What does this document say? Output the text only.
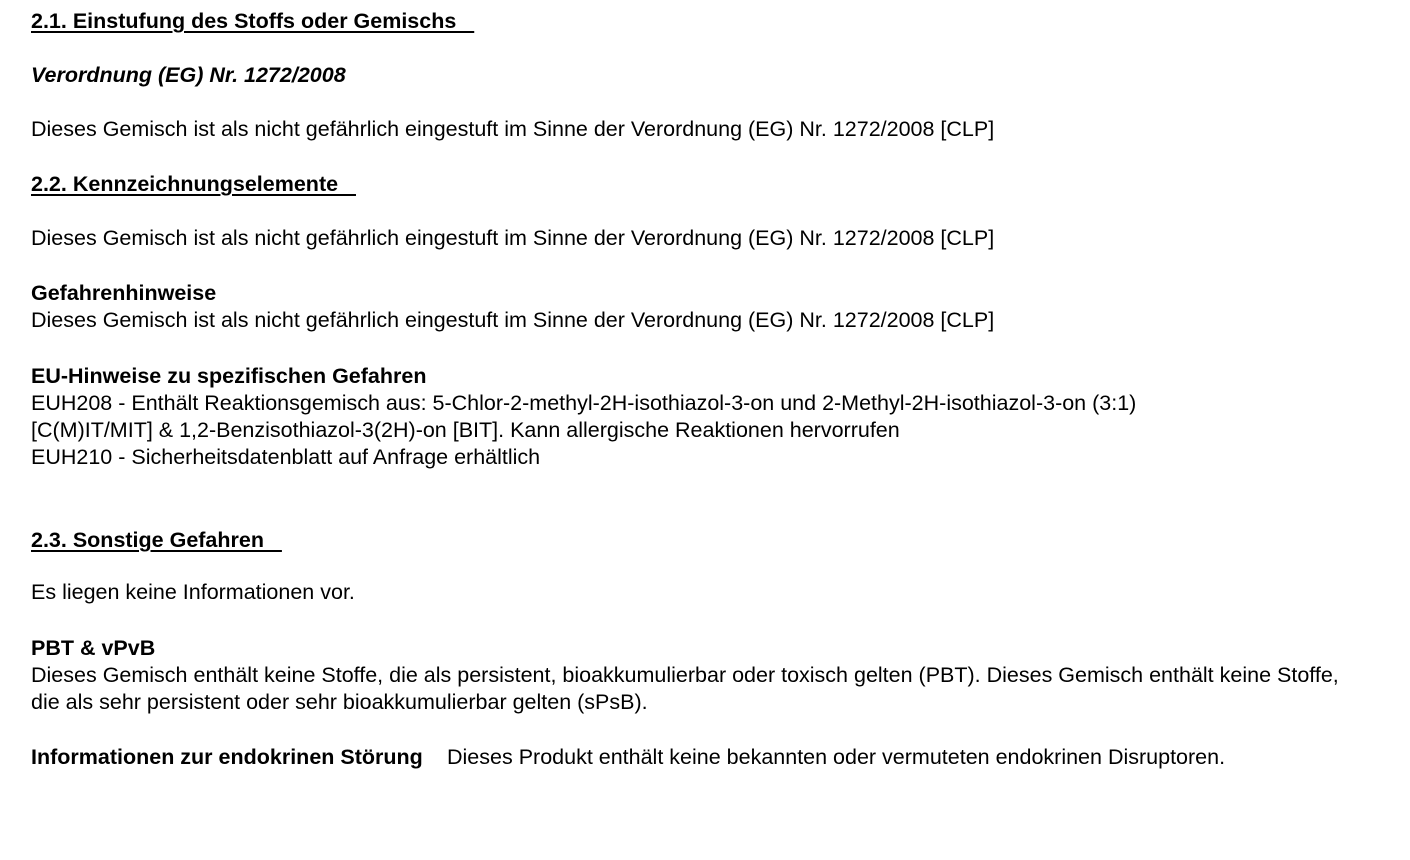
2.1. Einstufung des Stoffs oder Gemischs

Verordnung (EG) Nr. 1272/2008

Dieses Gemisch ist als nicht gefährlich eingestuft im Sinne der Verordnung (EG) Nr. 1272/2008 [CLP]

2.2. Kennzeichnungselemente

Dieses Gemisch ist als nicht gefährlich eingestuft im Sinne der Verordnung (EG) Nr. 1272/2008 [CLP]

Gefahrenhinweise

Dieses Gemisch ist als nicht gefährlich eingestuft im Sinne der Verordnung (EG) Nr. 1272/2008 [CLP]

EU-Hinweise zu spezifischen Gefahren

EUH208 - Enthält Reaktionsgemisch aus: 5-Chlor-2-methyl-2H-isothiazol-3-on und 2-Methyl-2H-isothiazol-3-on (3:1)

[C(M)IT/MIT] & 1,2-Benzisothiazol-3(2H)-on [BIT]. Kann allergische Reaktionen hervorrufen

EUH210 - Sicherheitsdatenblatt auf Anfrage erhältlich

2.3. Sonstige Gefahren

Es liegen keine Informationen vor.

PBT & vPvB

Dieses Gemisch enthält keine Stoffe, die als persistent, bioakkumulierbar oder toxisch gelten (PBT). Dieses Gemisch enthält keine Stoffe, die als sehr persistent oder sehr bioakkumulierbar gelten (sPsB).

Informationen zur endokrinen Störung	Dieses Produkt enthält keine bekannten oder vermuteten endokrinen Disruptoren.
